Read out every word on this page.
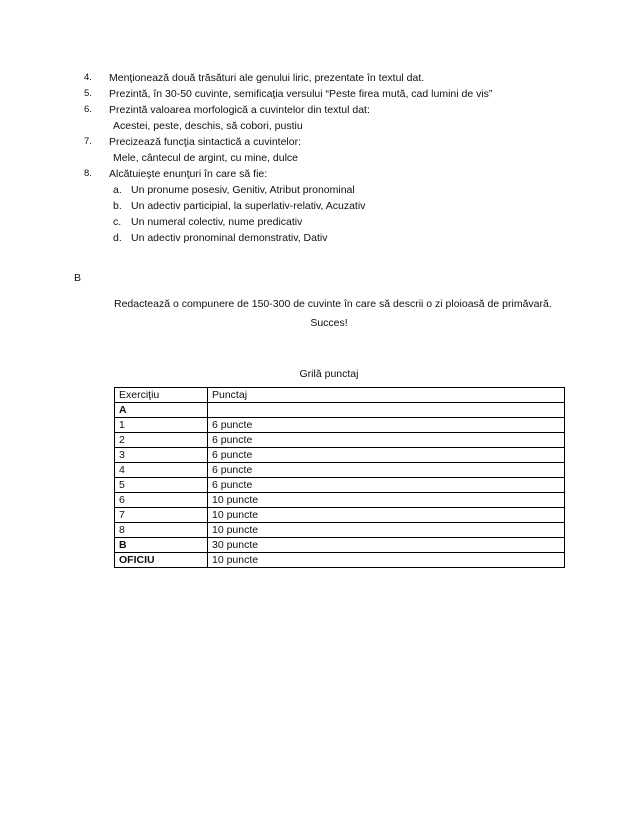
4.	Menţionează două trăsături ale genului liric, prezentate în textul dat.
5.	Prezintă, în 30-50 cuvinte, semificaţia versului “Peste firea mută, cad lumini de vis”
6.	Prezintă valoarea morfologică a cuvintelor din textul dat:
Acestei, peste, deschis, să cobori, pustiu
7.	Precizează funcţia sintactică a cuvintelor:
Mele, cântecul de argint, cu mine, dulce
8.	Alcătuieşte enunţuri în care să fie:
a. Un pronume posesiv, Genitiv, Atribut pronominal
b. Un adectiv participial, la superlativ-relativ, Acuzativ
c. Un numeral colectiv, nume predicativ
d. Un adectiv pronominal demonstrativ, Dativ
B
Redactează o compunere de 150-300 de cuvinte în care să descrii o zi ploioasă de primăvară.
Succes!
Grilă punctaj
Exerciţiu	Punctaj
A	
1	6 puncte
2	6 puncte
3	6 puncte
4	6 puncte
5	6 puncte
6	10 puncte
7	10 puncte
8	10 puncte
B	30 puncte
OFICIU	10 puncte
